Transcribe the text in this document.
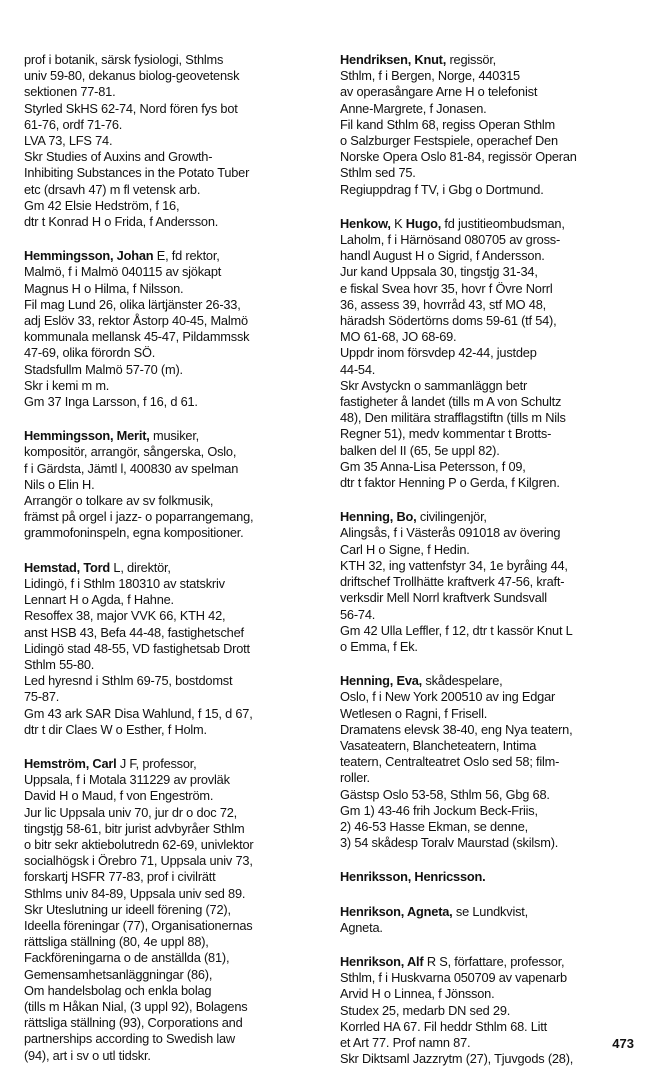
prof i botanik, särsk fysiologi, Sthlms
univ 59-80, dekanus biolog-geovetensk
sektionen 77-81.
Styrled SkHS 62-74, Nord fören fys bot
61-76, ordf 71-76.
LVA 73, LFS 74.
Skr Studies of Auxins and Growth-
Inhibiting Substances in the Potato Tuber
etc (drsavh 47) m fl vetensk arb.
Gm 42 Elsie Hedström, f 16,
dtr t Konrad H o Frida, f Andersson.
Hemmingsson, Johan E, fd rektor,
Malmö, f i Malmö 040115 av sjökapt
Magnus H o Hilma, f Nilsson.
Fil mag Lund 26, olika lärtjänster 26-33,
adj Eslöv 33, rektor Åstorp 40-45, Malmö
kommunala mellansk 45-47, Pildammssk
47-69, olika förordn SÖ.
Stadsfullm Malmö 57-70 (m).
Skr i kemi m m.
Gm 37 Inga Larsson, f 16, d 61.
Hemmingsson, Merit, musiker,
kompositör, arrangör, sångerska, Oslo,
f i Gärdsta, Jämtl l, 400830 av spelman
Nils o Elin H.
Arrangör o tolkare av sv folkmusik,
främst på orgel i jazz- o poparrangemang,
grammofoninspeln, egna kompositioner.
Hemstad, Tord L, direktör,
Lidingö, f i Sthlm 180310 av statskriv
Lennart H o Agda, f Hahne.
Resoffex 38, major VVK 66, KTH 42,
anst HSB 43, Befa 44-48, fastighetschef
Lidingö stad 48-55, VD fastighetsab Drott
Sthlm 55-80.
Led hyresnd i Sthlm 69-75, bostdomst
75-87.
Gm 43 ark SAR Disa Wahlund, f 15, d 67,
dtr t dir Claes W o Esther, f Holm.
Hemström, Carl J F, professor,
Uppsala, f i Motala 311229 av provläk
David H o Maud, f von Engeström.
Jur lic Uppsala univ 70, jur dr o doc 72,
tingstjg 58-61, bitr jurist advbyråer Sthlm
o bitr sekr aktiebolutredn 62-69, univlektor
socialhögsk i Örebro 71, Uppsala univ 73,
forskartj HSFR 77-83, prof i civilrätt
Sthlms univ 84-89, Uppsala univ sed 89.
Skr Uteslutning ur ideell förening (72),
Ideella föreningar (77), Organisationernas
rättsliga ställning (80, 4e uppl 88),
Fackföreningarna o de anställda (81),
Gemensamhetsanläggningar (86),
Om handelsbolag och enkla bolag
(tills m Håkan Nial, (3 uppl 92), Bolagens
rättsliga ställning (93), Corporations and
partnerships according to Swedish law
(94), art i sv o utl tidskr.
Hendriksen, Knut, regissör,
Sthlm, f i Bergen, Norge, 440315
av operasångare Arne H o telefonist
Anne-Margrete, f Jonasen.
Fil kand Sthlm 68, regiss Operan Sthlm
o Salzburger Festspiele, operachef Den
Norske Opera Oslo 81-84, regissör Operan
Sthlm sed 75.
Regiuppdrag f TV, i Gbg o Dortmund.
Henkow, K Hugo, fd justitieombudsman,
Laholm, f i Härnösand 080705 av gross-
handl August H o Sigrid, f Andersson.
Jur kand Uppsala 30, tingstjg 31-34,
e fiskal Svea hovr 35, hovr f Övre Norrl
36, assess 39, hovrråd 43, stf MO 48,
häradsh Södertörns doms 59-61 (tf 54),
MO 61-68, JO 68-69.
Uppdr inom försvdep 42-44, justdep
44-54.
Skr Avstyckn o sammanläggn betr
fastigheter å landet (tills m A von Schultz
48), Den militära strafflagstiftn (tills m Nils
Regner 51), medv kommentar t Brotts-
balken del II (65, 5e uppl 82).
Gm 35 Anna-Lisa Petersson, f 09,
dtr t faktor Henning P o Gerda, f Kilgren.
Henning, Bo, civilingenjör,
Alingsås, f i Västerås 091018 av övering
Carl H o Signe, f Hedin.
KTH 32, ing vattenfstyr 34, 1e byråing 44,
driftschef Trollhätte kraftverk 47-56, kraft-
verksdir Mell Norrl kraftverk Sundsvall
56-74.
Gm 42 Ulla Leffler, f 12, dtr t kassör Knut L
o Emma, f Ek.
Henning, Eva, skådespelare,
Oslo, f i New York 200510 av ing Edgar
Wetlesen o Ragni, f Frisell.
Dramatens elevsk 38-40, eng Nya teatern,
Vasateatern, Blancheteatern, Intima
teatern, Centralteatret Oslo sed 58; film-
roller.
Gästsp Oslo 53-58, Sthlm 56, Gbg 68.
Gm 1) 43-46 frih Jockum Beck-Friis,
2) 46-53 Hasse Ekman, se denne,
3) 54 skådesp Toralv Maurstad (skilsm).
Henriksson, Henricsson.
Henrikson, Agneta, se Lundkvist,
Agneta.
Henrikson, Alf R S, författare, professor,
Sthlm, f i Huskvarna 050709 av vapenarb
Arvid H o Linnea, f Jönsson.
Studex 25, medarb DN sed 29.
Korrled HA 67. Fil heddr Sthlm 68. Litt
et Art 77. Prof namn 87.
Skr Diktsaml Jazzrytm (27), Tjuvgods (28),
473
